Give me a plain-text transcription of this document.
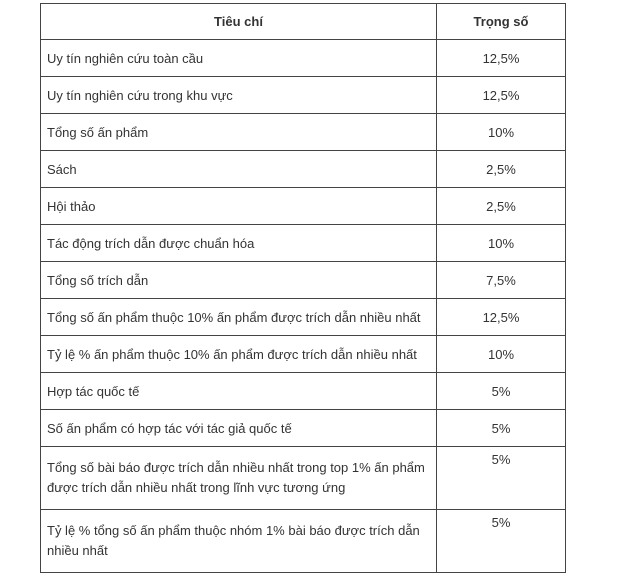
Tiêu chí	Trọng số
Uy tín nghiên cứu toàn cầu	12,5%
Uy tín nghiên cứu trong khu vực	12,5%
Tổng số ấn phẩm	10%
Sách	2,5%
Hội thảo	2,5%
Tác động trích dẫn được chuẩn hóa	10%
Tổng số trích dẫn	7,5%
Tổng số ấn phẩm thuộc 10% ấn phẩm được trích dẫn nhiều nhất	12,5%
Tỷ lệ % ấn phẩm thuộc 10% ấn phẩm được trích dẫn nhiều nhất	10%
Hợp tác quốc tế	5%
Số ấn phẩm có hợp tác với tác giả quốc tế	5%
Tổng số bài báo được trích dẫn nhiều nhất trong top 1% ấn phẩm được trích dẫn nhiều nhất trong lĩnh vực tương ứng	5%
Tỷ lệ % tổng số ấn phẩm thuộc nhóm 1% bài báo được trích dẫn nhiều nhất	5%
